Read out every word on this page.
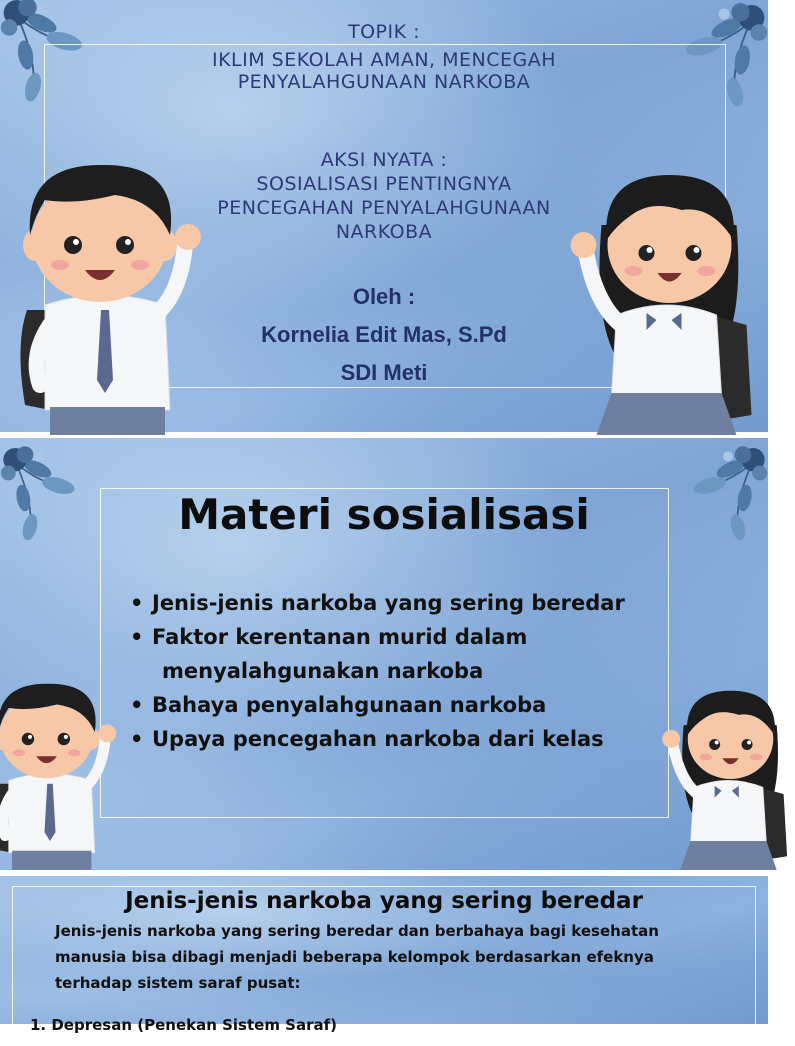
TOPIK :
IKLIM SEKOLAH AMAN, MENCEGAH
PENYALAHGUNAAN NARKOBA
AKSI NYATA :
SOSIALISASI PENTINGNYA
PENCEGAHAN PENYALAHGUNAAN
NARKOBA
Oleh :
Kornelia Edit Mas, S.Pd
SDI Meti
Materi sosialisasi
• Jenis-jenis narkoba yang sering beredar
• Faktor kerentanan murid dalam
menyalahgunakan narkoba
• Bahaya penyalahgunaan narkoba
• Upaya pencegahan narkoba dari kelas
Jenis-jenis narkoba yang sering beredar
Jenis-jenis narkoba yang sering beredar dan berbahaya bagi kesehatan
manusia bisa dibagi menjadi beberapa kelompok berdasarkan efeknya
terhadap sistem saraf pusat:
1. Depresan (Penekan Sistem Saraf)
